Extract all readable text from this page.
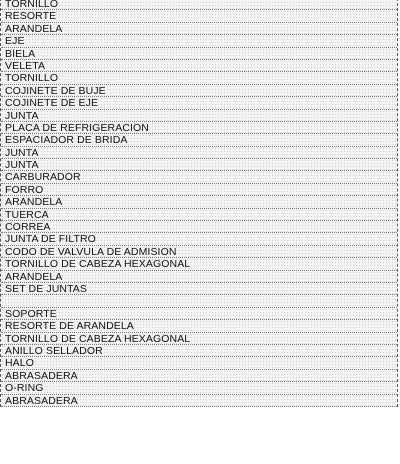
TORNILLO
RESORTE
ARANDELA
EJE
BIELA
VELETA
TORNILLO
COJINETE DE BUJE
COJINETE DE EJE
JUNTA
PLACA DE REFRIGERACION
ESPACIADOR DE BRIDA
JUNTA
JUNTA
CARBURADOR
FORRO
ARANDELA
TUERCA
CORREA
JUNTA DE FILTRO
CODO DE VALVULA DE ADMISION
TORNILLO DE CABEZA HEXAGONAL
ARANDELA
SET DE JUNTAS
SOPORTE
RESORTE DE ARANDELA
TORNILLO DE CABEZA HEXAGONAL
ANILLO SELLADOR
HALO
ABRASADERA
O-RING
ABRASADERA
